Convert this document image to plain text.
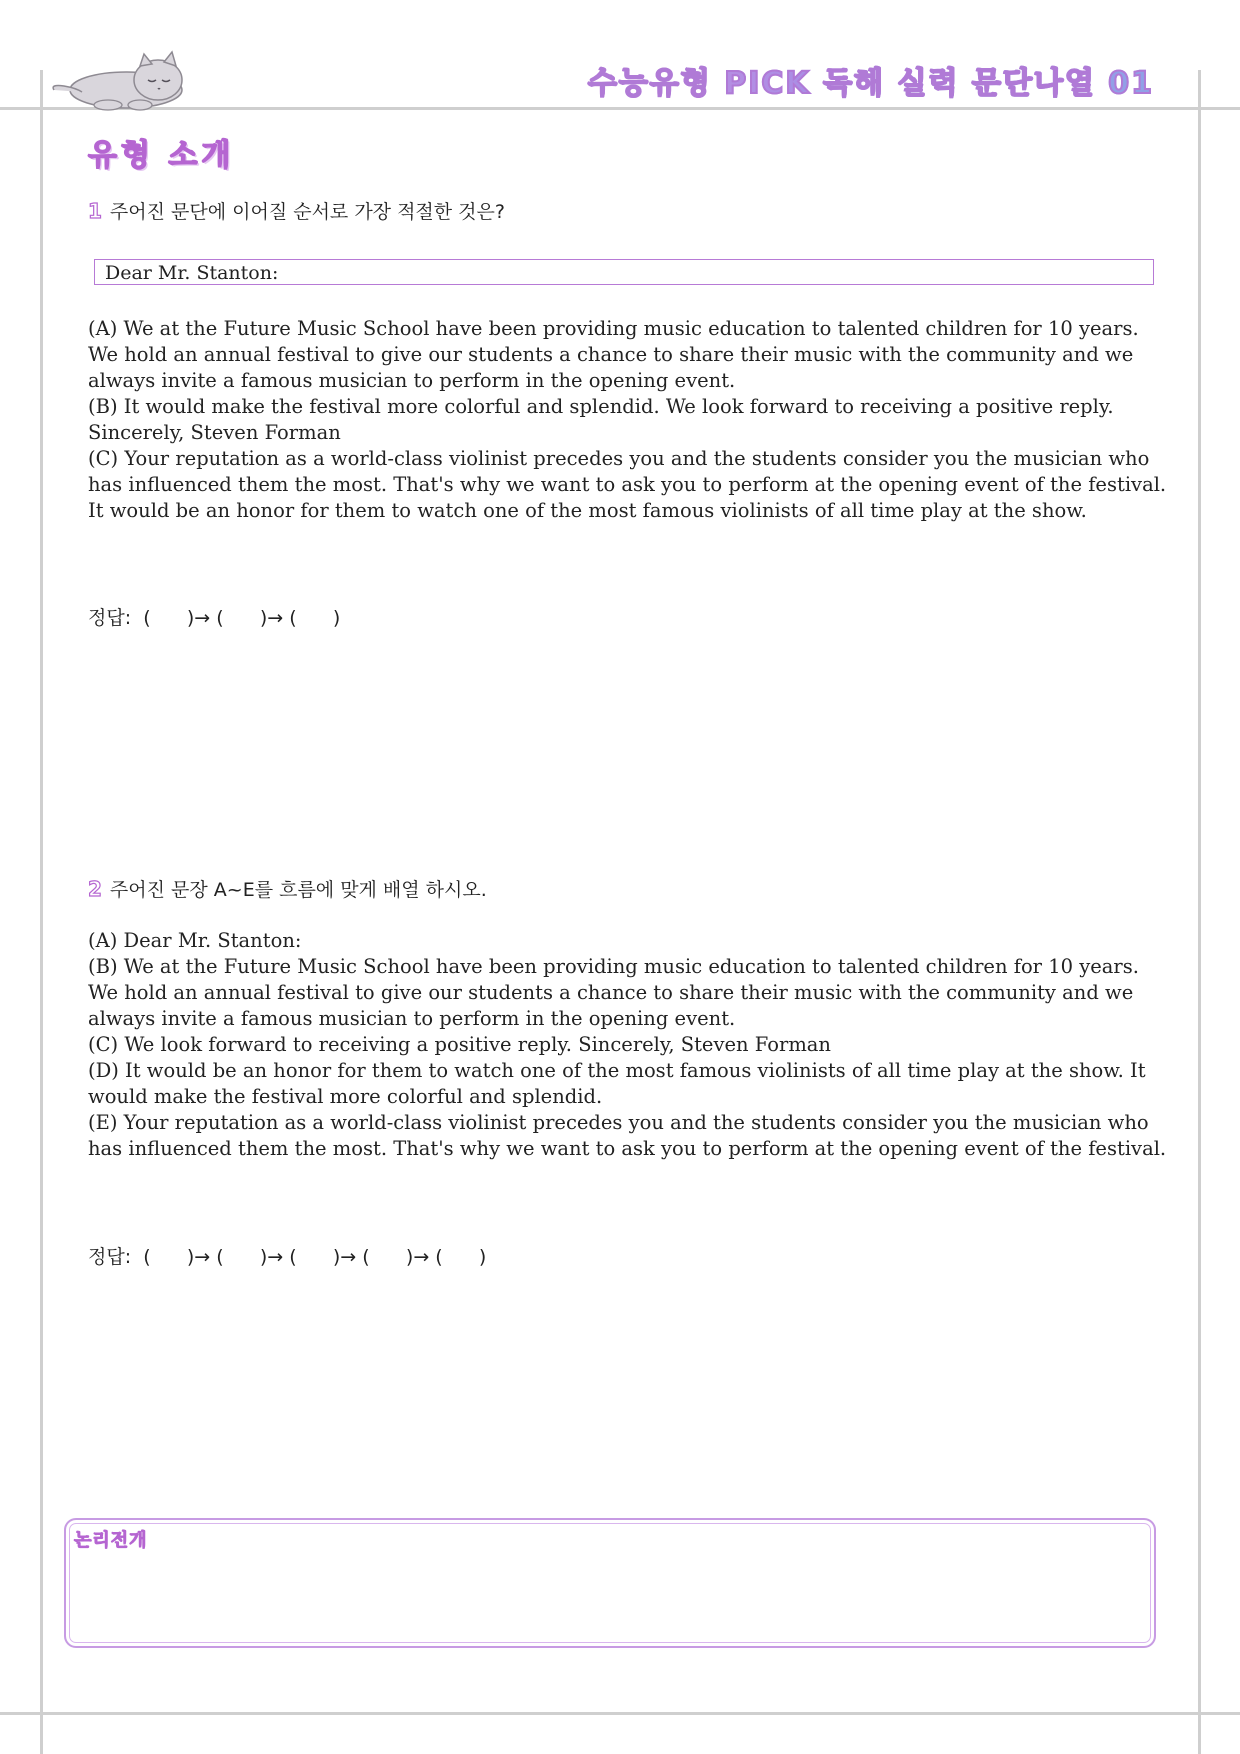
수능유형 PICK 독해 실력 문단나열 01
유형 소개
1 주어진 문단에 이어질 순서로 가장 적절한 것은?
Dear Mr. Stanton:

(A) We at the Future Music School have been providing music education to talented children for 10 years. We hold an annual festival to give our students a chance to share their music with the community and we always invite a famous musician to perform in the opening event.

(B) It would make the festival more colorful and splendid. We look forward to receiving a positive reply. Sincerely, Steven Forman

(C) Your reputation as a world-class violinist precedes you and the students consider you the musician who has influenced them the most. That's why we want to ask you to perform at the opening event of the festival. It would be an honor for them to watch one of the most famous violinists of all time play at the show.

정답:  (      )→ (      )→ (      )
2 주어진 문장 A~E를 흐름에 맞게 배열 하시오.

(A) Dear Mr. Stanton:

(B) We at the Future Music School have been providing music education to talented children for 10 years. We hold an annual festival to give our students a chance to share their music with the community and we always invite a famous musician to perform in the opening event.

(C) We look forward to receiving a positive reply. Sincerely, Steven Forman

(D) It would be an honor for them to watch one of the most famous violinists of all time play at the show. It would make the festival more colorful and splendid.

(E) Your reputation as a world-class violinist precedes you and the students consider you the musician who has influenced them the most. That's why we want to ask you to perform at the opening event of the festival.

정답:  (      )→ (      )→ (      )→ (      )→ (      )
논리전개
